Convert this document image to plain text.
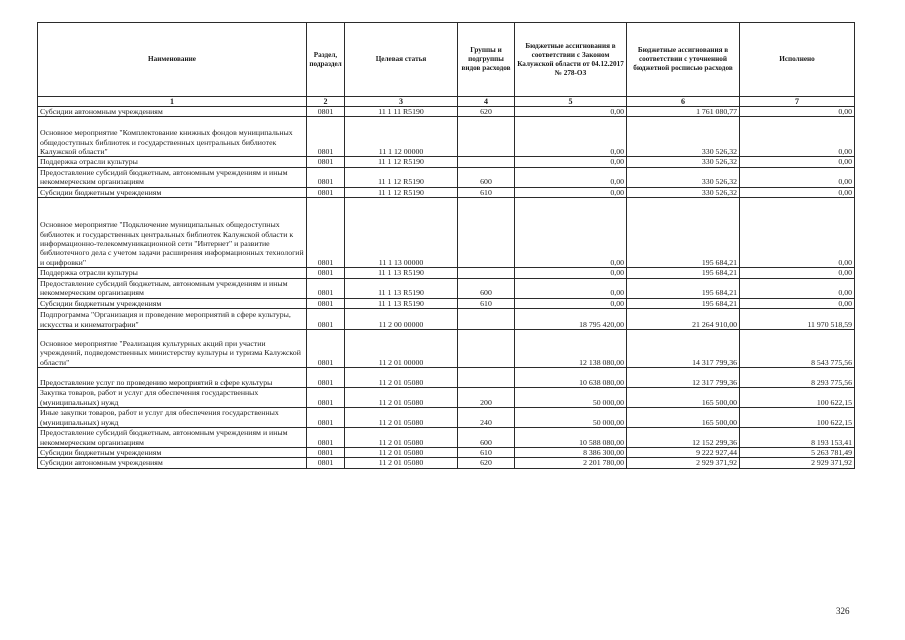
Наименование	Раздел, подраздел	Целевая статья	Группы и подгруппы видов расходов	Бюджетные ассигнования в соответствии с Законом Калужской области от 04.12.2017 № 278-ОЗ	Бюджетные ассигнования в соответствии с уточненной бюджетной росписью расходов	Исполнено
1	2	3	4	5	6	7
Субсидии автономным учреждениям	0801	11 1 11 R5190	620	0,00	1 761 080,77	0,00
Основное мероприятие "Комплектование книжных фондов муниципальных общедоступных библиотек и государственных центральных библиотек Калужской области"	0801	11 1 12 00000		0,00	330 526,32	0,00
Поддержка отрасли культуры	0801	11 1 12 R5190		0,00	330 526,32	0,00
Предоставление субсидий бюджетным, автономным учреждениям и иным некоммерческим организациям	0801	11 1 12 R5190	600	0,00	330 526,32	0,00
Субсидии бюджетным учреждениям	0801	11 1 12 R5190	610	0,00	330 526,32	0,00
Основное мероприятие "Подключение муниципальных общедоступных библиотек и государственных центральных библиотек Калужской области к информационно-телекоммуникационной сети "Интернет" и развитие библиотечного дела с учетом задачи расширения информационных технологий и оцифровки"	0801	11 1 13 00000		0,00	195 684,21	0,00
Поддержка отрасли культуры	0801	11 1 13 R5190		0,00	195 684,21	0,00
Предоставление субсидий бюджетным, автономным учреждениям и иным некоммерческим организациям	0801	11 1 13 R5190	600	0,00	195 684,21	0,00
Субсидии бюджетным учреждениям	0801	11 1 13 R5190	610	0,00	195 684,21	0,00
Подпрограмма "Организация и проведение мероприятий в сфере культуры, искусства и кинематографии"	0801	11 2 00 00000		18 795 420,00	21 264 910,00	11 970 518,59
Основное мероприятие "Реализация культурных акций при участии учреждений, подведомственных министерству культуры и туризма Калужской области"	0801	11 2 01 00000		12 138 080,00	14 317 799,36	8 543 775,56
Предоставление услуг по проведению мероприятий в сфере культуры	0801	11 2 01 05080		10 638 080,00	12 317 799,36	8 293 775,56
Закупка товаров, работ и услуг для обеспечения государственных (муниципальных) нужд	0801	11 2 01 05080	200	50 000,00	165 500,00	100 622,15
Иные закупки товаров, работ и услуг для обеспечения государственных (муниципальных) нужд	0801	11 2 01 05080	240	50 000,00	165 500,00	100 622,15
Предоставление субсидий бюджетным, автономным учреждениям и иным некоммерческим организациям	0801	11 2 01 05080	600	10 588 080,00	12 152 299,36	8 193 153,41
Субсидии бюджетным учреждениям	0801	11 2 01 05080	610	8 386 300,00	9 222 927,44	5 263 781,49
Субсидии автономным учреждениям	0801	11 2 01 05080	620	2 201 780,00	2 929 371,92	2 929 371,92
326
